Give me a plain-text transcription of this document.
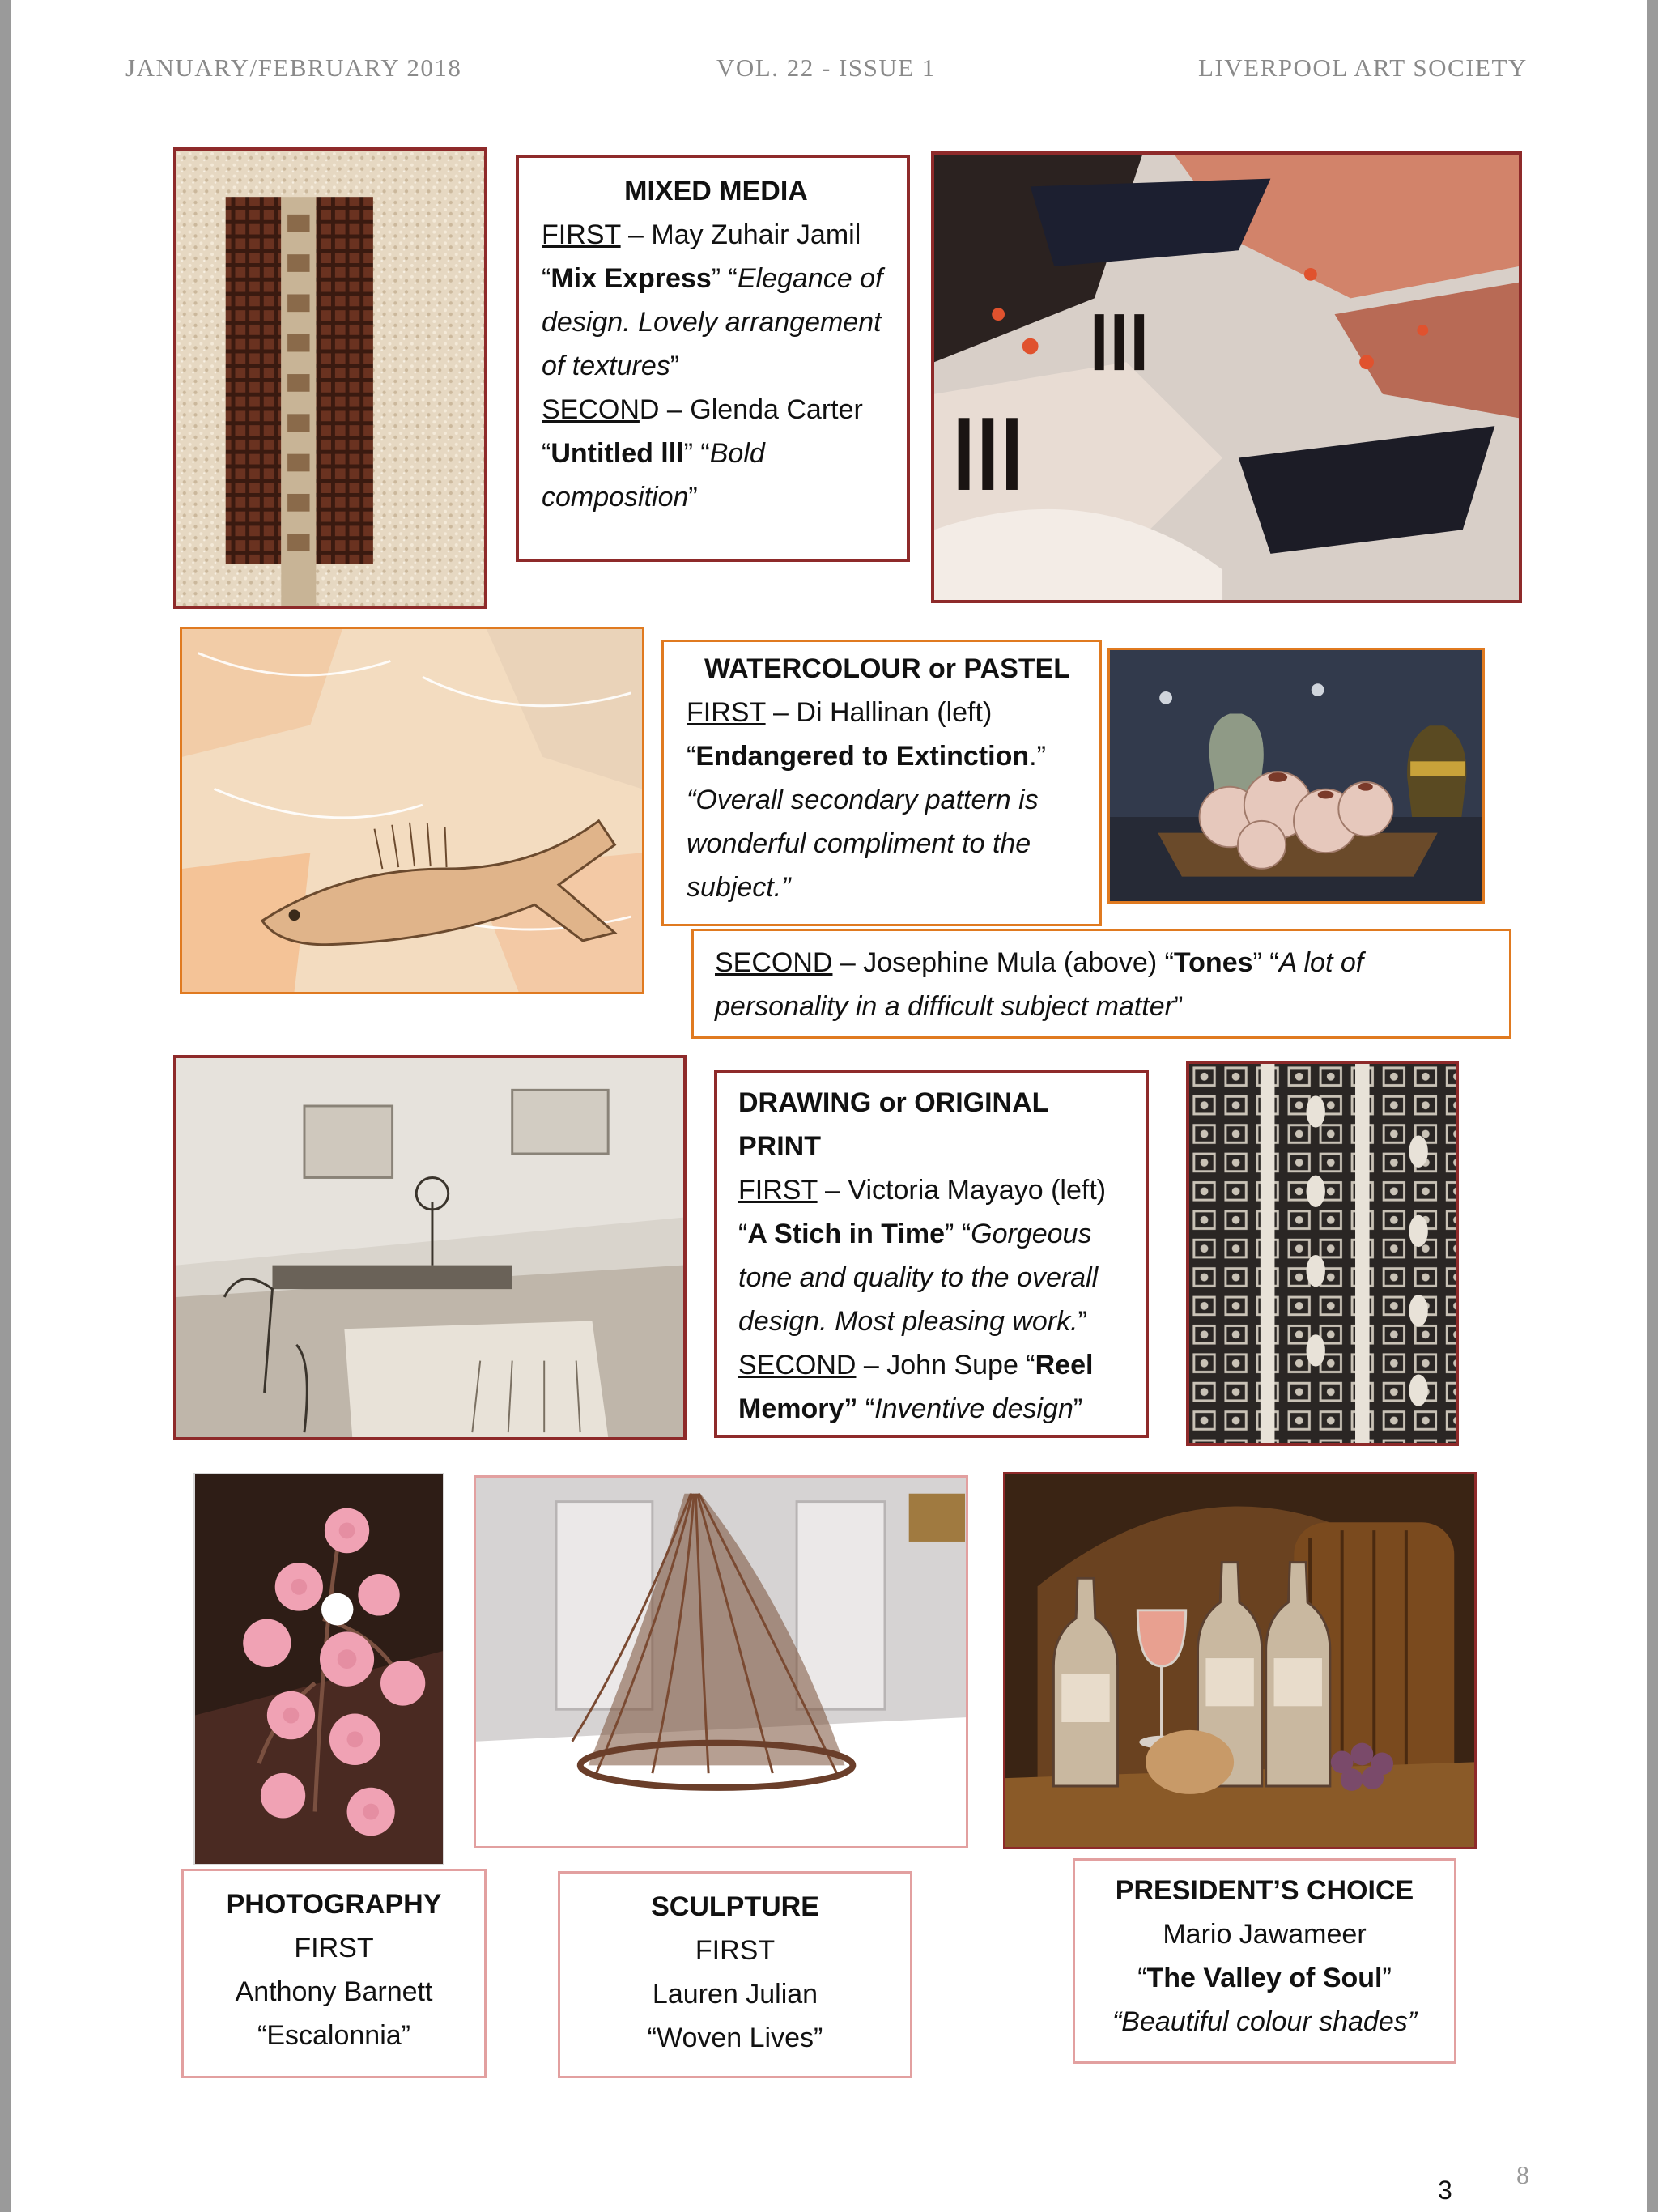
JANUARY/FEBRUARY 2018	VOL. 22 - ISSUE 1	LIVERPOOL ART SOCIETY

MIXED MEDIA

FIRST – May Zuhair Jamil

“Mix Express” “Elegance of design. Lovely arrangement of textures”

SECOND – Glenda Carter

“Untitled lll” “Bold composition”

WATERCOLOUR or PASTEL

FIRST – Di Hallinan (left)

“Endangered to Extinction.”

“Overall secondary pattern is wonderful compliment to the subject.”

SECOND – Josephine Mula (above) “Tones” “A lot of personality in a difficult subject matter”

DRAWING or ORIGINAL PRINT

FIRST – Victoria Mayayo (left)

“A Stich in Time” “Gorgeous tone and quality to the overall design. Most pleasing work.”

SECOND – John Supe “Reel Memory” “Inventive design”

PHOTOGRAPHY

FIRST

Anthony Barnett

“Escalonnia”

SCULPTURE

FIRST

Lauren Julian

“Woven Lives”

PRESIDENT’S CHOICE

Mario Jawameer

“The Valley of Soul”

“Beautiful colour shades”

3
8
